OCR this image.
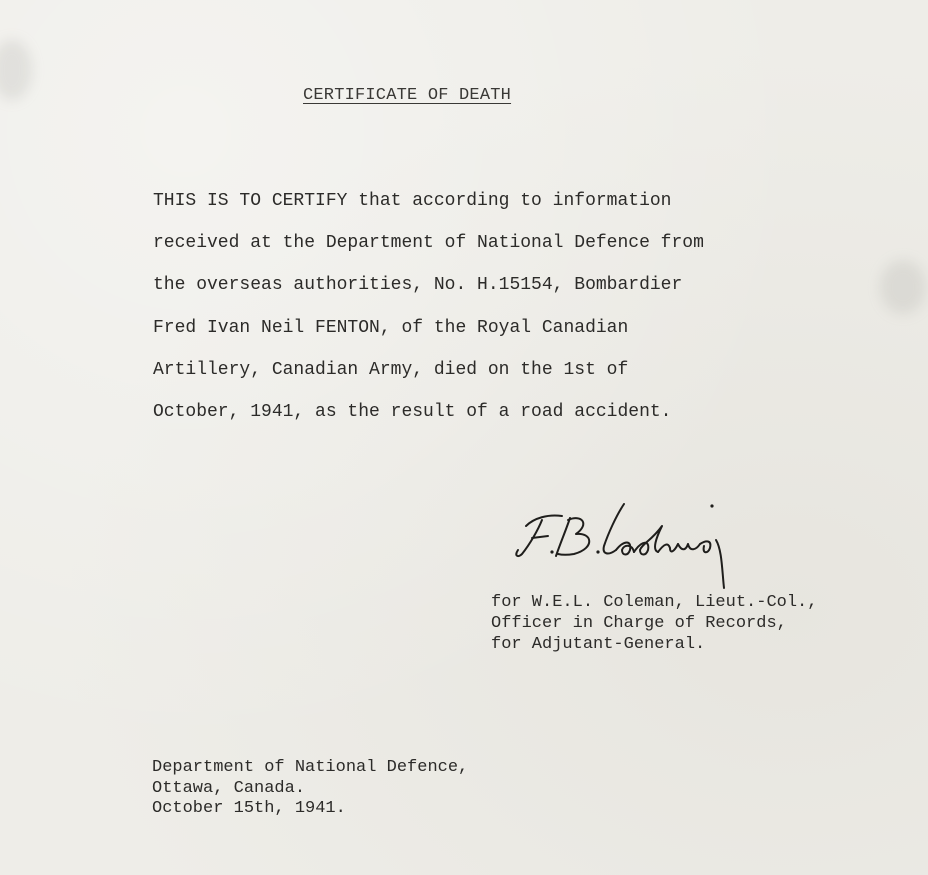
CERTIFICATE OF DEATH
THIS IS TO CERTIFY that according to information
received at the Department of National Defence from
the overseas authorities, No. H.15154, Bombardier
Fred Ivan Neil FENTON, of the Royal Canadian
Artillery, Canadian Army, died on the 1st of
October, 1941, as the result of a road accident.
for W.E.L. Coleman, Lieut.-Col.,
Officer in Charge of Records,
for Adjutant-General.
Department of National Defence,
Ottawa, Canada.
October 15th, 1941.
